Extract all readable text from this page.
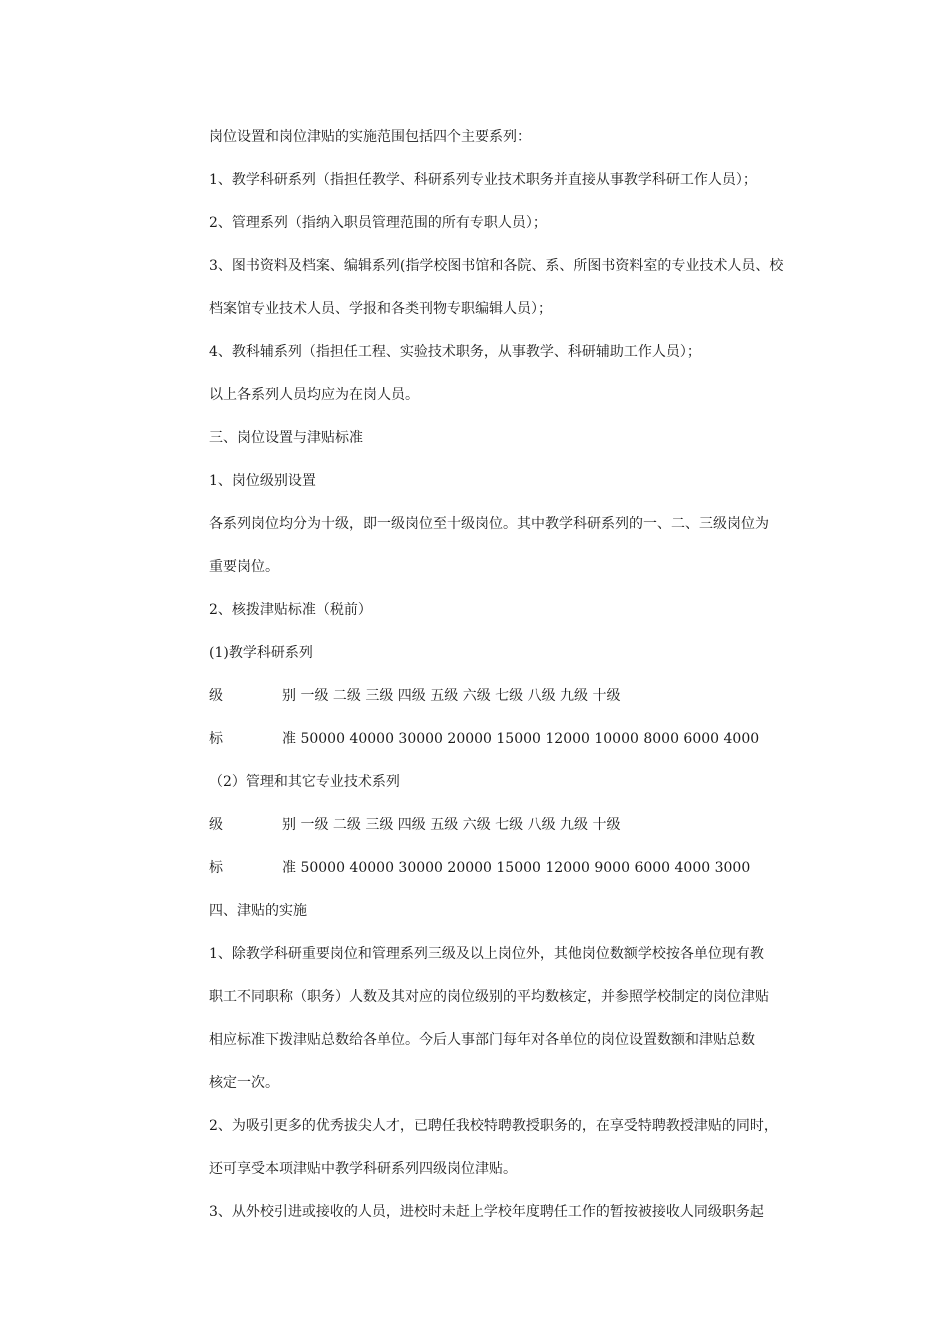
岗位设置和岗位津贴的实施范围包括四个主要系列：
1、教学科研系列（指担任教学、科研系列专业技术职务并直接从事教学科研工作人员）；
2、管理系列（指纳入职员管理范围的所有专职人员）；
3、图书资料及档案、编辑系列(指学校图书馆和各院、系、所图书资料室的专业技术人员、校
档案馆专业技术人员、学报和各类刊物专职编辑人员）；
4、教科辅系列（指担任工程、实验技术职务，从事教学、科研辅助工作人员）；
以上各系列人员均应为在岗人员。
三、岗位设置与津贴标准
1、岗位级别设置
各系列岗位均分为十级，即一级岗位至十级岗位。其中教学科研系列的一、二、三级岗位为
重要岗位。
2、核拨津贴标准（税前）
(1)教学科研系列
级	别 一级 二级 三级 四级 五级 六级 七级 八级 九级 十级
标	准 50000 40000 30000 20000 15000 12000 10000 8000 6000 4000
（2）管理和其它专业技术系列
级	别 一级 二级 三级 四级 五级 六级 七级 八级 九级 十级
标	准 50000 40000 30000 20000 15000 12000 9000 6000 4000 3000
四、津贴的实施
1、除教学科研重要岗位和管理系列三级及以上岗位外，其他岗位数额学校按各单位现有教
职工不同职称（职务）人数及其对应的岗位级别的平均数核定，并参照学校制定的岗位津贴
相应标准下拨津贴总数给各单位。今后人事部门每年对各单位的岗位设置数额和津贴总数
核定一次。
2、为吸引更多的优秀拔尖人才，已聘任我校特聘教授职务的，在享受特聘教授津贴的同时，
还可享受本项津贴中教学科研系列四级岗位津贴。
3、从外校引进或接收的人员，进校时未赶上学校年度聘任工作的暂按被接收人同级职务起
